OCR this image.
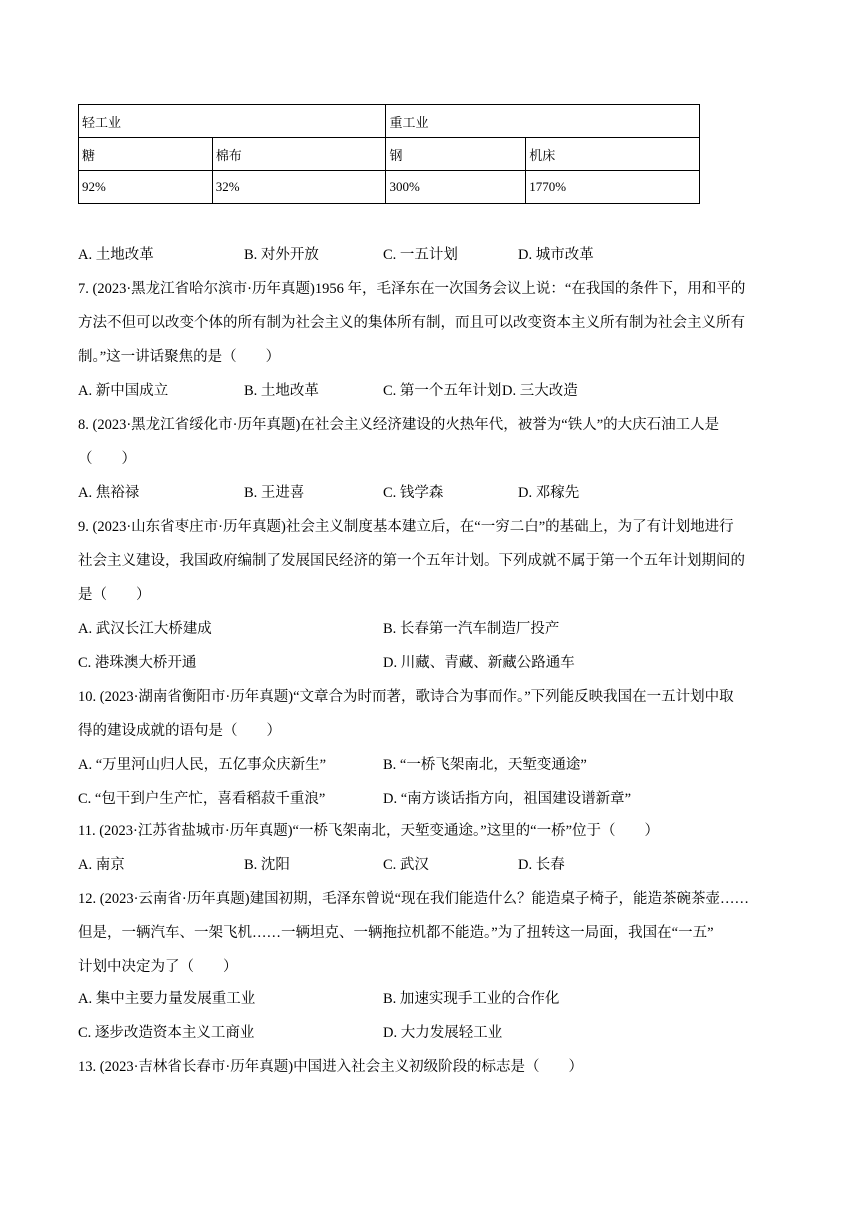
轻工业		重工业	
糖	棉布	钢	机床
92%	32%	300%	1770%
A. 土地改革	B. 对外开放	C. 一五计划	D. 城市改革
7. (2023·黑龙江省哈尔滨市·历年真题)1956 年，毛泽东在一次国务会议上说：“在我国的条件下，用和平的
方法不但可以改变个体的所有制为社会主义的集体所有制，而且可以改变资本主义所有制为社会主义所有
制。”这一讲话聚焦的是（　　）
A. 新中国成立	B. 土地改革	C. 第一个五年计划 D. 三大改造
8. (2023·黑龙江省绥化市·历年真题)在社会主义经济建设的火热年代，被誉为“铁人”的大庆石油工人是
（　　）
A. 焦裕禄	B. 王进喜	C. 钱学森	D. 邓稼先
9. (2023·山东省枣庄市·历年真题)社会主义制度基本建立后，在“一穷二白”的基础上，为了有计划地进行
社会主义建设，我国政府编制了发展国民经济的第一个五年计划。下列成就不属于第一个五年计划期间的
是（　　）
A. 武汉长江大桥建成	B. 长春第一汽车制造厂投产
C. 港珠澳大桥开通	D. 川藏、青藏、新藏公路通车
10. (2023·湖南省衡阳市·历年真题)“文章合为时而著，歌诗合为事而作。”下列能反映我国在一五计划中取
得的建设成就的语句是（　　）
A. “万里河山归人民，五亿事众庆新生”	B. “一桥飞架南北，天堑变通途”
C. “包干到户生产忙，喜看稻菽千重浪”	D. “南方谈话指方向，祖国建设谱新章”
11. (2023·江苏省盐城市·历年真题)“一桥飞架南北，天堑变通途。”这里的“一桥”位于（　　）
A. 南京	B. 沈阳	C. 武汉	D. 长春
12. (2023·云南省·历年真题)建国初期，毛泽东曾说“现在我们能造什么？能造桌子椅子，能造茶碗茶壶……
但是，一辆汽车、一架飞机……一辆坦克、一辆拖拉机都不能造。”为了扭转这一局面，我国在“一五”
计划中决定为了（　　）
A. 集中主要力量发展重工业	B. 加速实现手工业的合作化
C. 逐步改造资本主义工商业	D. 大力发展轻工业
13. (2023·吉林省长春市·历年真题)中国进入社会主义初级阶段的标志是（　　）
